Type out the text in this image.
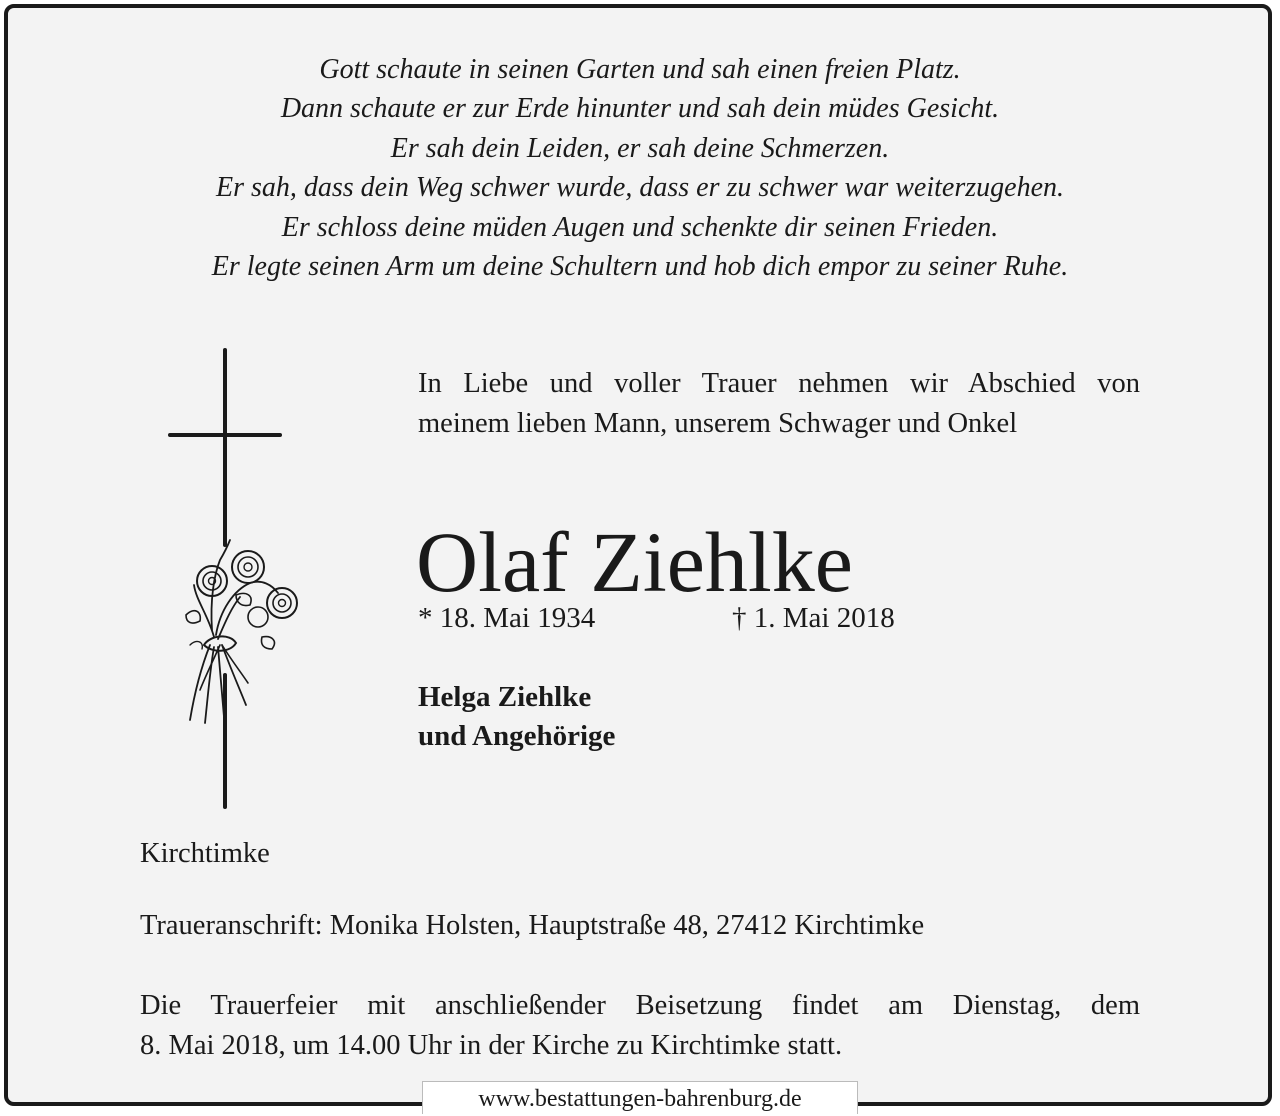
Gott schaute in seinen Garten und sah einen freien Platz.
Dann schaute er zur Erde hinunter und sah dein müdes Gesicht.
Er sah dein Leiden, er sah deine Schmerzen.
Er sah, dass dein Weg schwer wurde, dass er zu schwer war weiterzugehen.
Er schloss deine müden Augen und schenkte dir seinen Frieden.
Er legte seinen Arm um deine Schultern und hob dich empor zu seiner Ruhe.
In Liebe und voller Trauer nehmen wir Abschied von
meinem lieben Mann, unserem Schwager und Onkel
Olaf Ziehlke
* 18. Mai 1934	† 1. Mai 2018
Helga Ziehlke
und Angehörige
Kirchtimke
Traueranschrift: Monika Holsten, Hauptstraße 48, 27412 Kirchtimke
Die Trauerfeier mit anschließender Beisetzung findet am Dienstag, dem
8. Mai 2018, um 14.00 Uhr in der Kirche zu Kirchtimke statt.
www.bestattungen-bahrenburg.de
